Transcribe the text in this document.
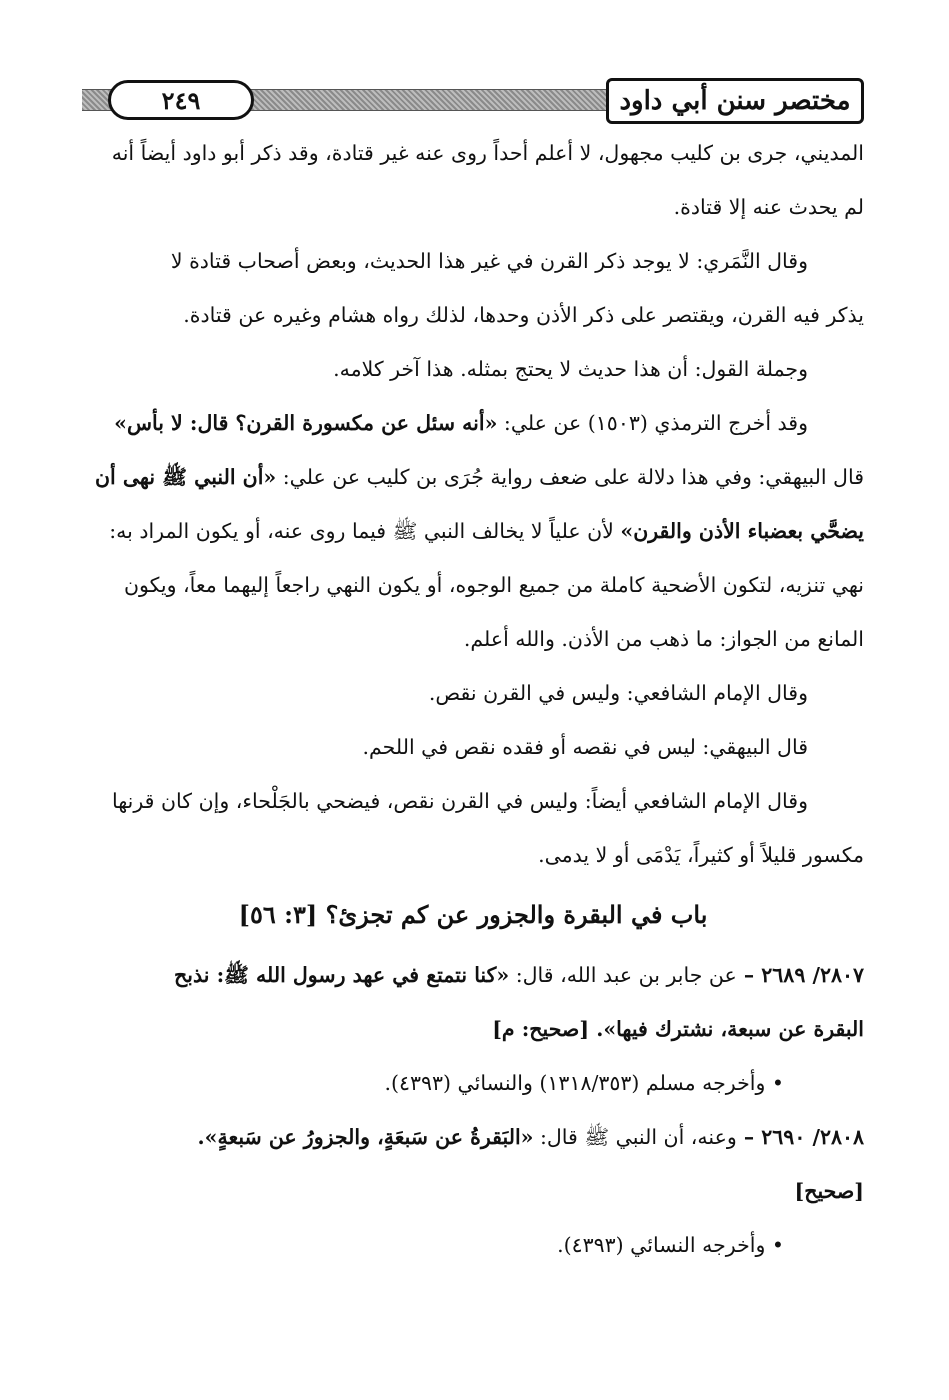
مختصر سنن أبي داود
٢٤٩

المديني، جرى بن كليب مجهول، لا أعلم أحداً روى عنه غير قتادة، وقد ذكر أبو داود أيضاً أنه

لم يحدث عنه إلا قتادة.

وقال النَّمَري: لا يوجد ذكر القرن في غير هذا الحديث، وبعض أصحاب قتادة لا

يذكر فيه القرن، ويقتصر على ذكر الأذن وحدها، لذلك رواه هشام وغيره عن قتادة.

وجملة القول: أن هذا حديث لا يحتج بمثله. هذا آخر كلامه.

وقد أخرج الترمذي (١٥٠٣) عن علي: «أنه سئل عن مكسورة القرن؟ قال: لا بأس»

قال البيهقي: وفي هذا دلالة على ضعف رواية جُرَى بن كليب عن علي: «أن النبي ﷺ نهى أن

يضحَّي بعضباء الأذن والقرن» لأن علياً لا يخالف النبي ﷺ فيما روى عنه، أو يكون المراد به:

نهي تنزيه، لتكون الأضحية كاملة من جميع الوجوه، أو يكون النهي راجعاً إليهما معاً، ويكون

المانع من الجواز: ما ذهب من الأذن. والله أعلم.

وقال الإمام الشافعي: وليس في القرن نقص.

قال البيهقي: ليس في نقصه أو فقده نقص في اللحم.

وقال الإمام الشافعي أيضاً: وليس في القرن نقص، فيضحي بالجَلْحاء، وإن كان قرنها

مكسور قليلاً أو كثيراً، يَدْمَى أو لا يدمى.

باب في البقرة والجزور عن كم تجزئ؟ [٣: ٥٦]

٢٨٠٧/ ٢٦٨٩ – عن جابر بن عبد الله، قال: «كنا نتمتع في عهد رسول الله ﷺ: نذبح

البقرة عن سبعة، نشترك فيها». [صحيح: م]

• وأخرجه مسلم (١٣١٨/٣٥٣) والنسائي (٤٣٩٣).

٢٨٠٨/ ٢٦٩٠ – وعنه، أن النبي ﷺ قال: «البَقرةُ عن سَبعَةٍ، والجزورُ عن سَبعةٍ».

[صحيح]

• وأخرجه النسائي (٤٣٩٣).
